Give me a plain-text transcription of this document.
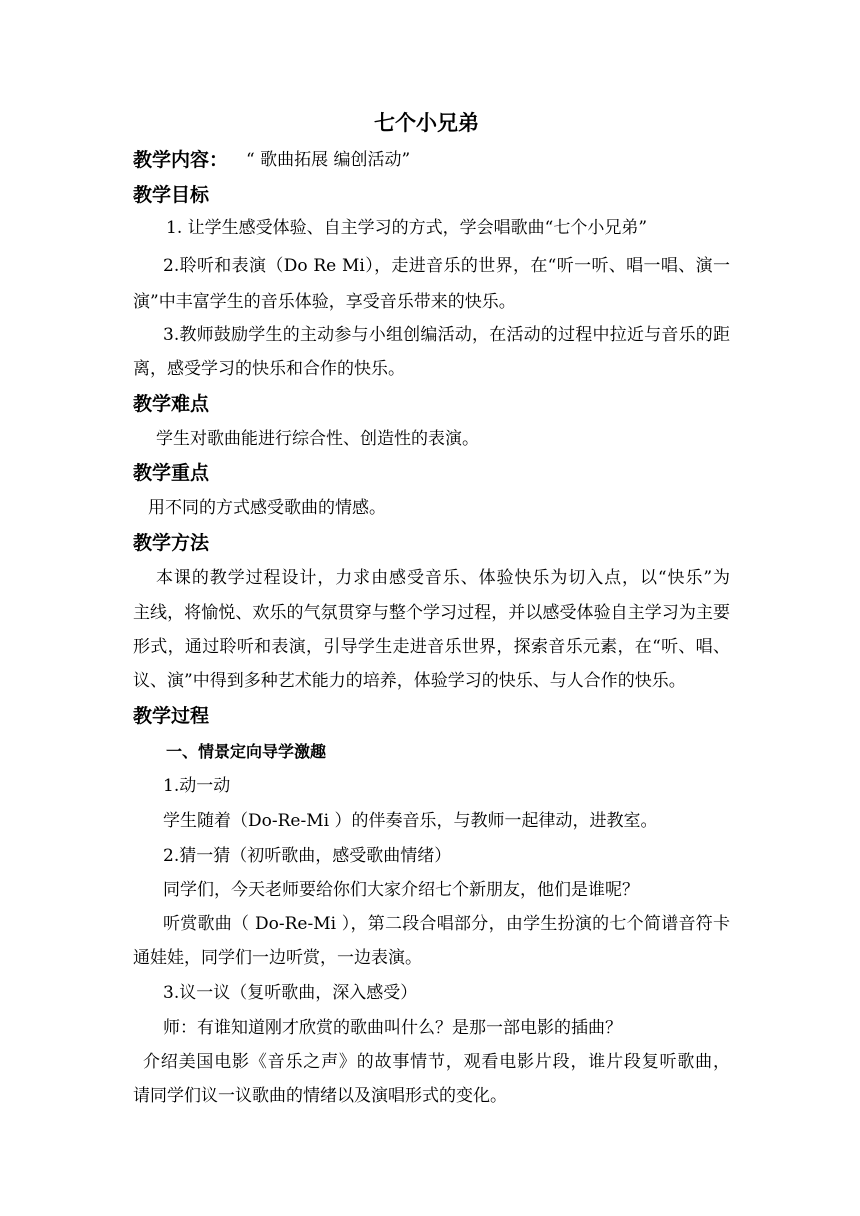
七个小兄弟
教学内容： “ 歌曲拓展 编创活动”
教学目标
1. 让学生感受体验、自主学习的方式，学会唱歌曲“七个小兄弟”
2.聆听和表演（Do Re Mi），走进音乐的世界，在“听一听、唱一唱、演一
演”中丰富学生的音乐体验，享受音乐带来的快乐。
3.教师鼓励学生的主动参与小组创编活动，在活动的过程中拉近与音乐的距
离，感受学习的快乐和合作的快乐。
教学难点
学生对歌曲能进行综合性、创造性的表演。
教学重点
用不同的方式感受歌曲的情感。
教学方法
本课的教学过程设计，力求由感受音乐、体验快乐为切入点，以“快乐”为
主线，将愉悦、欢乐的气氛贯穿与整个学习过程，并以感受体验自主学习为主要
形式，通过聆听和表演，引导学生走进音乐世界，探索音乐元素，在“听、唱、
议、演”中得到多种艺术能力的培养，体验学习的快乐、与人合作的快乐。
教学过程
一、情景定向导学激趣
1.动一动
学生随着（Do-Re-Mi ）的伴奏音乐，与教师一起律动，进教室。
2.猜一猜（初听歌曲，感受歌曲情绪）
同学们，今天老师要给你们大家介绍七个新朋友，他们是谁呢？
听赏歌曲（ Do-Re-Mi ），第二段合唱部分，由学生扮演的七个简谱音符卡
通娃娃，同学们一边听赏，一边表演。
3.议一议（复听歌曲，深入感受）
师：有谁知道刚才欣赏的歌曲叫什么？是那一部电影的插曲？
介绍美国电影《音乐之声》的故事情节，观看电影片段，谁片段复听歌曲，
请同学们议一议歌曲的情绪以及演唱形式的变化。
